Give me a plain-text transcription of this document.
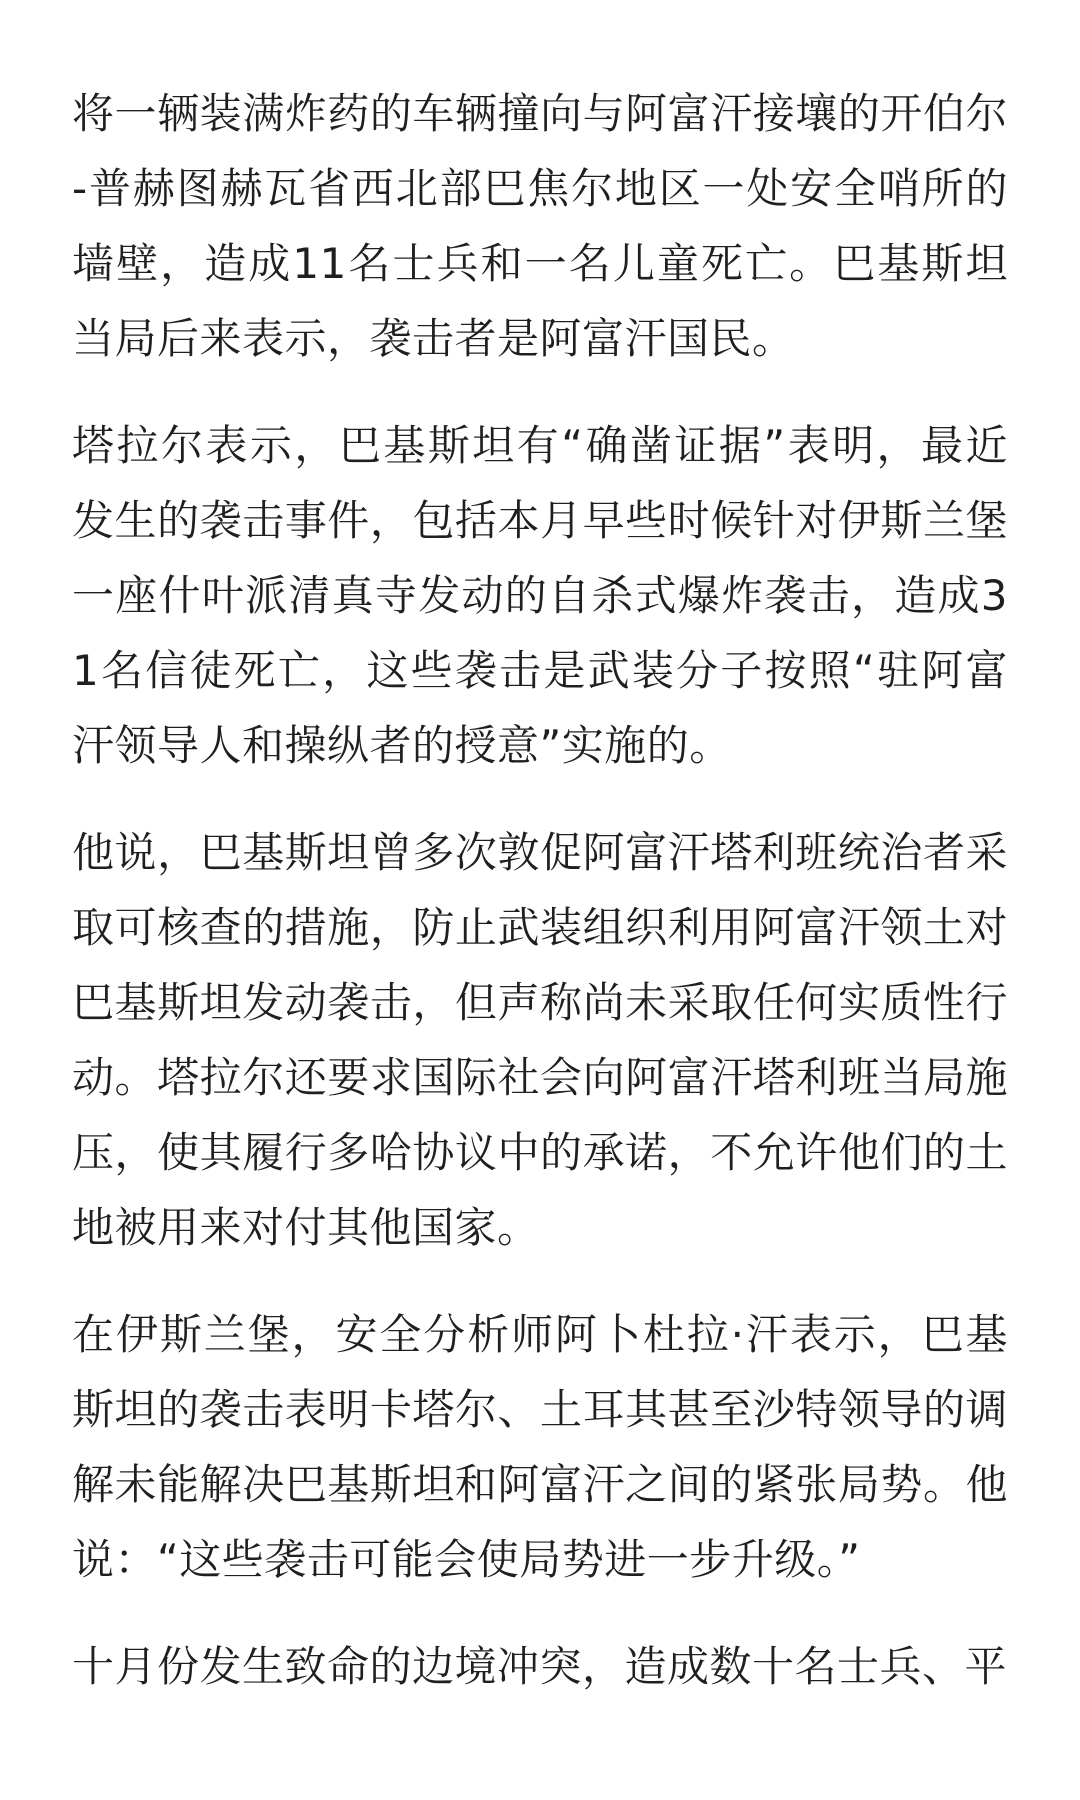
将一辆装满炸药的车辆撞向与阿富汗接壤的开伯尔-普赫图赫瓦省西北部巴焦尔地区一处安全哨所的墙壁，造成11名士兵和一名儿童死亡。巴基斯坦当局后来表示，袭击者是阿富汗国民。

塔拉尔表示，巴基斯坦有“确凿证据”表明，最近发生的袭击事件，包括本月早些时候针对伊斯兰堡一座什叶派清真寺发动的自杀式爆炸袭击，造成31名信徒死亡，这些袭击是武装分子按照“驻阿富汗领导人和操纵者的授意”实施的。

他说，巴基斯坦曾多次敦促阿富汗塔利班统治者采取可核查的措施，防止武装组织利用阿富汗领土对巴基斯坦发动袭击，但声称尚未采取任何实质性行动。塔拉尔还要求国际社会向阿富汗塔利班当局施压，使其履行多哈协议中的承诺，不允许他们的土地被用来对付其他国家。

在伊斯兰堡，安全分析师阿卜杜拉·汗表示，巴基斯坦的袭击表明卡塔尔、土耳其甚至沙特领导的调解未能解决巴基斯坦和阿富汗之间的紧张局势。他说：“这些袭击可能会使局势进一步升级。”

十月份发生致命的边境冲突，造成数十名士兵、平
